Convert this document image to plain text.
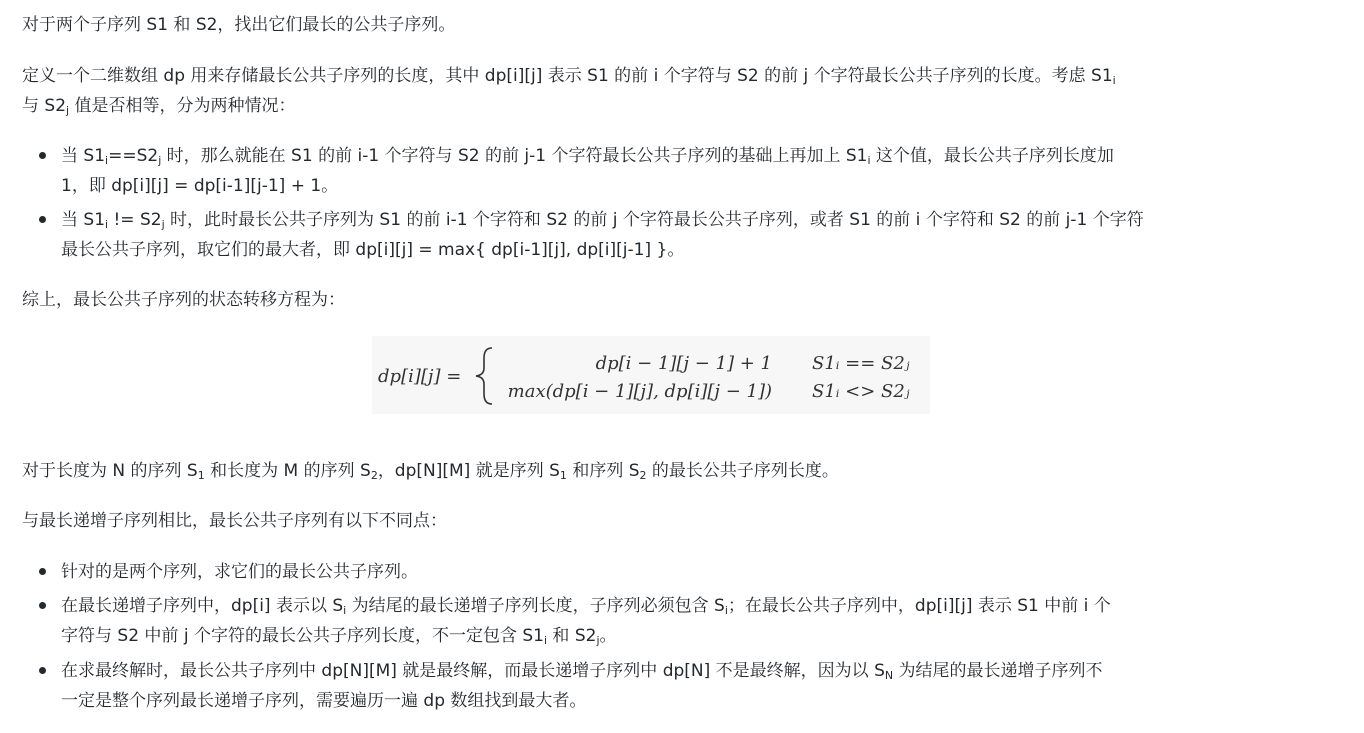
对于两个子序列 S1 和 S2，找出它们最长的公共子序列。
定义一个二维数组 dp 用来存储最长公共子序列的长度，其中 dp[i][j] 表示 S1 的前 i 个字符与 S2 的前 j 个字符最长公共子序列的长度。考虑 $S1_i$
与 $S2_j$ 值是否相等，分为两种情况：
当 $S1_i==S2_j$ 时，那么就能在 S1 的前 i-1 个字符与 S2 的前 j-1 个字符最长公共子序列的基础上再加上 $S1_i$ 这个值，最长公共子序列长度加
1，即 dp[i][j] = dp[i-1][j-1] + 1。
当 $S1_i$ != $S2_j$ 时，此时最长公共子序列为 S1 的前 i-1 个字符和 S2 的前 j 个字符最长公共子序列，或者 S1 的前 i 个字符和 S2 的前 j-1 个字符
最长公共子序列，取它们的最大者，即 dp[i][j] = max{ dp[i-1][j], dp[i][j-1] }。
综上，最长公共子序列的状态转移方程为：
dp[i][j] =
dp[i − 1][j − 1] + 1 S1ᵢ == S2ⱼ
max(dp[i − 1][j], dp[i][j − 1]) S1ᵢ <> S2ⱼ
对于长度为 N 的序列 $S_1$ 和长度为 M 的序列 $S_2$，dp[N][M] 就是序列 $S_1$ 和序列 $S_2$ 的最长公共子序列长度。
与最长递增子序列相比，最长公共子序列有以下不同点：
针对的是两个序列，求它们的最长公共子序列。
在最长递增子序列中，dp[i] 表示以 $S_i$ 为结尾的最长递增子序列长度，子序列必须包含 $S_i$；在最长公共子序列中，dp[i][j] 表示 S1 中前 i 个
字符与 S2 中前 j 个字符的最长公共子序列长度，不一定包含 $S1_i$ 和 $S2_j$。
在求最终解时，最长公共子序列中 dp[N][M] 就是最终解，而最长递增子序列中 dp[N] 不是最终解，因为以 $S_N$ 为结尾的最长递增子序列不
一定是整个序列最长递增子序列，需要遍历一遍 dp 数组找到最大者。
